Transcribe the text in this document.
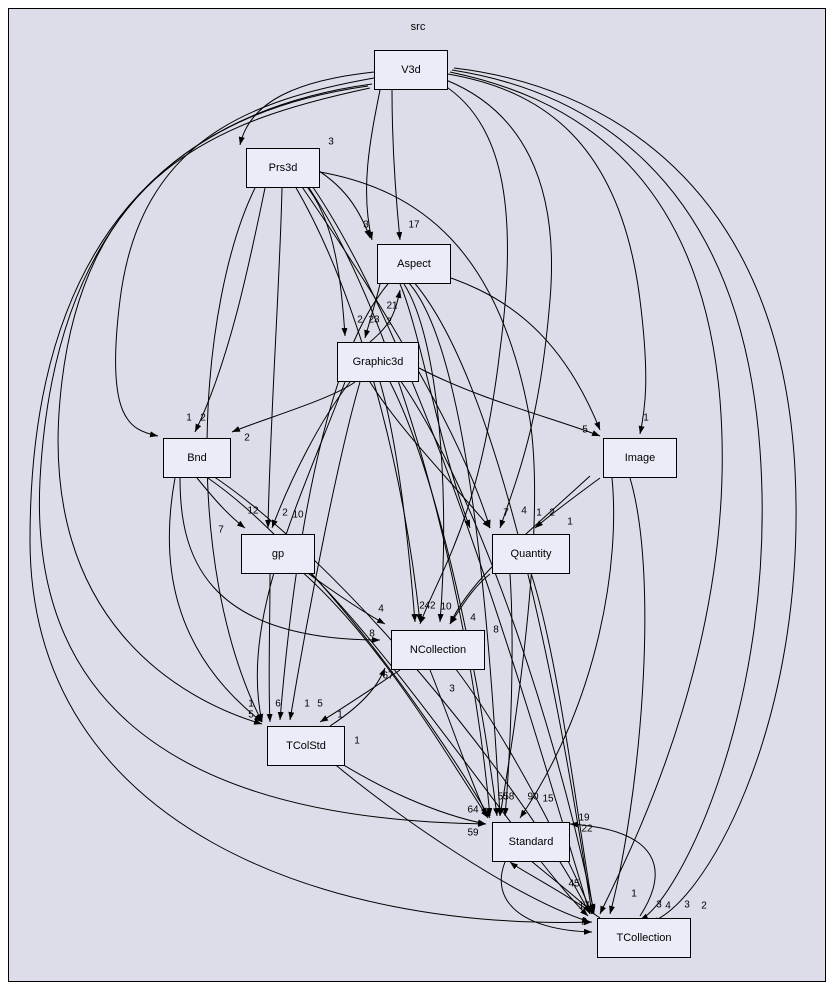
src
V3d
Prs3d
Aspect
Graphic3d
Bnd	Image
gp	Quantity
NCollection
TColStd
Standard
TCollection
3
3	17
21
2 23 2
1 2
2
1
5
7
12 2 10	7 4 1 2
1
4	2 42 10
4
8
8
67
3
1
5
6 1 5
1
1
64
558 90 15
59
19
22
45
17
2
1
3 4 3 2
